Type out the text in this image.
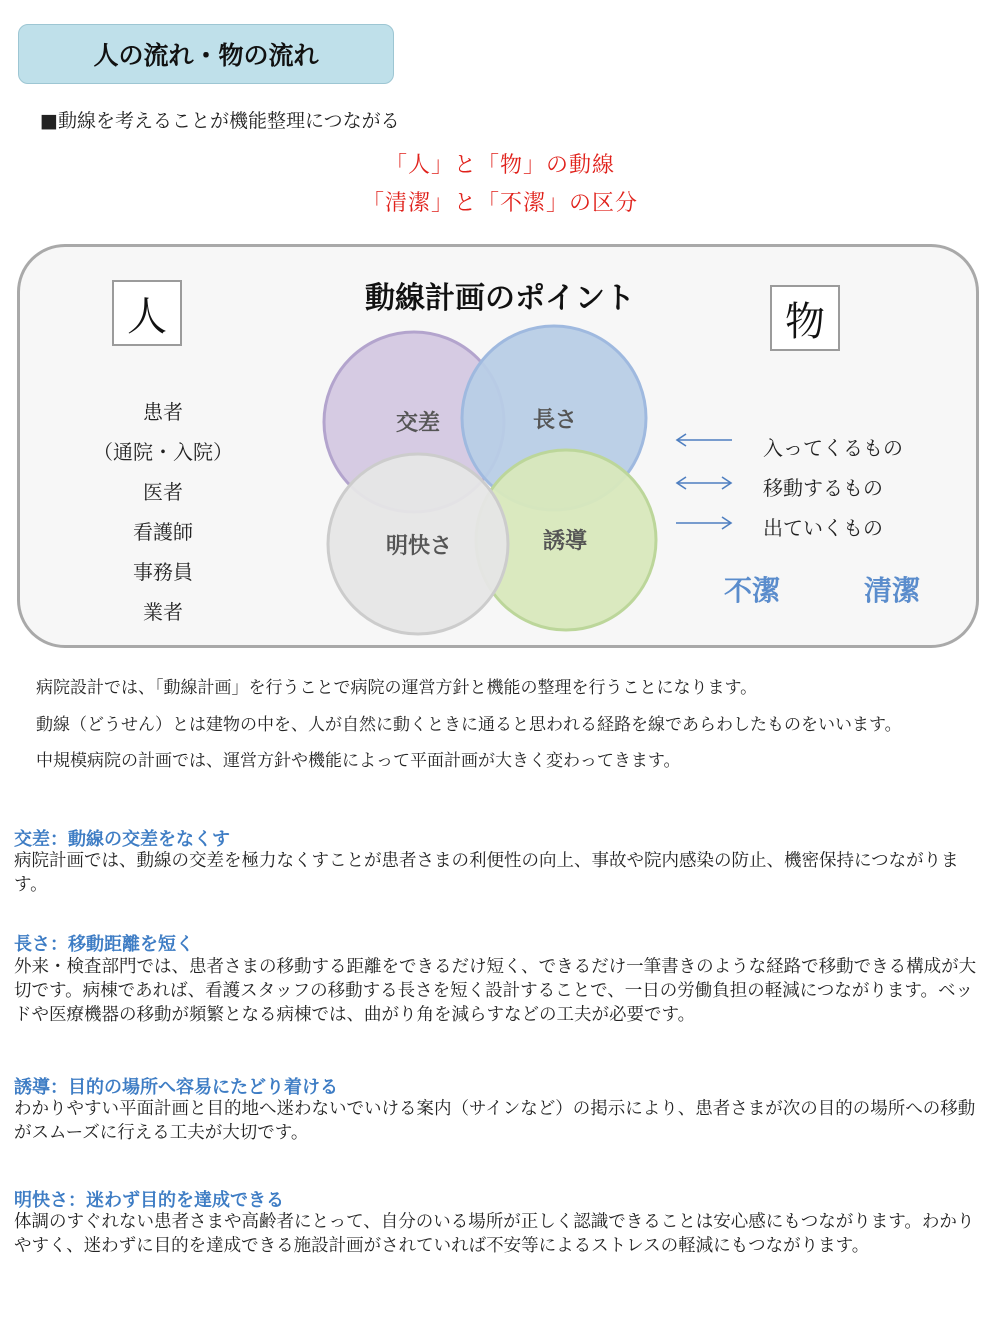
人の流れ・物の流れ
■動線を考えることが機能整理につながる
「人」と「物」の動線
「清潔」と「不潔」の区分
人	物
動線計画のポイント
患者
（通院・入院）
医者
看護師
事務員
業者
交差	長さ
明快さ	誘導
入ってくるもの
移動するもの
出ていくもの
不潔	清潔
病院設計では、「動線計画」を行うことで病院の運営方針と機能の整理を行うことになります。
動線（どうせん）とは建物の中を、人が自然に動くときに通ると思われる経路を線であらわしたものをいいます。
中規模病院の計画では、運営方針や機能によって平面計画が大きく変わってきます。
交差：動線の交差をなくす
病院計画では、動線の交差を極力なくすことが患者さまの利便性の向上、事故や院内感染の防止、機密保持につながります。
長さ：移動距離を短く
外来・検査部門では、患者さまの移動する距離をできるだけ短く、できるだけ一筆書きのような経路で移動できる構成が大切です。病棟であれば、看護スタッフの移動する長さを短く設計することで、一日の労働負担の軽減につながります。ベッドや医療機器の移動が頻繁となる病棟では、曲がり角を減らすなどの工夫が必要です。
誘導：目的の場所へ容易にたどり着ける
わかりやすい平面計画と目的地へ迷わないでいける案内（サインなど）の掲示により、患者さまが次の目的の場所への移動がスムーズに行える工夫が大切です。
明快さ：迷わず目的を達成できる
体調のすぐれない患者さまや高齢者にとって、自分のいる場所が正しく認識できることは安心感にもつながります。わかりやすく、迷わずに目的を達成できる施設計画がされていれば不安等によるストレスの軽減にもつながります。
